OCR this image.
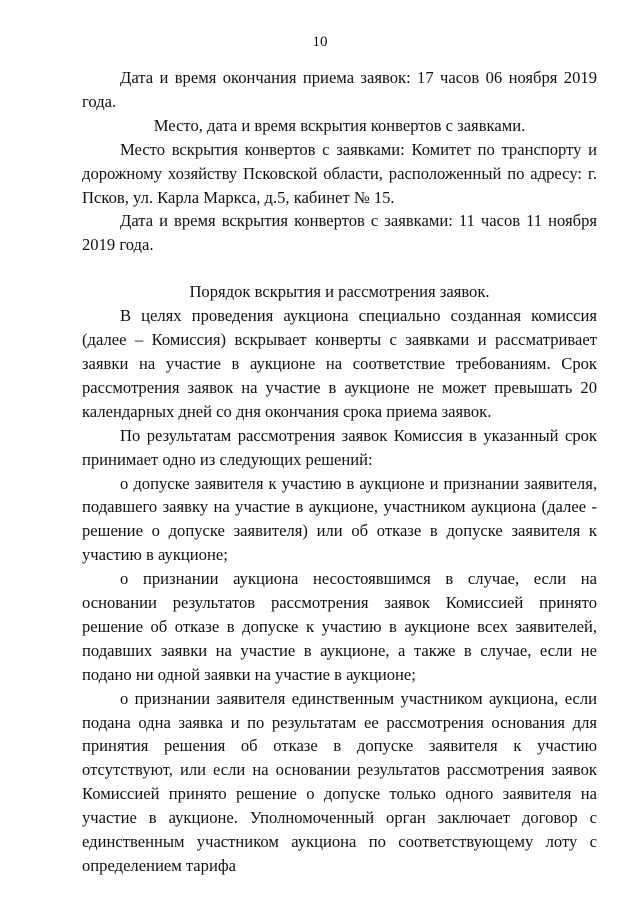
10

Дата и время окончания приема заявок: 17 часов 06 ноября 2019 года.

Место, дата и время вскрытия конвертов с заявками.

Место вскрытия конвертов с заявками: Комитет по транспорту и дорожному хозяйству Псковской области, расположенный по адресу: г. Псков, ул. Карла Маркса, д.5, кабинет № 15.

Дата и время вскрытия конвертов с заявками: 11 часов 11 ноября 2019 года.

Порядок вскрытия и рассмотрения заявок.

В целях проведения аукциона специально созданная комиссия (далее – Комиссия) вскрывает конверты с заявками и рассматривает заявки на участие в аукционе на соответствие требованиям. Срок рассмотрения заявок на участие в аукционе не может превышать 20 календарных дней со дня окончания срока приема заявок.

По результатам рассмотрения заявок Комиссия в указанный срок принимает одно из следующих решений:

о допуске заявителя к участию в аукционе и признании заявителя, подавшего заявку на участие в аукционе, участником аукциона (далее - решение о допуске заявителя) или об отказе в допуске заявителя к участию в аукционе;

о признании аукциона несостоявшимся в случае, если на основании результатов рассмотрения заявок Комиссией принято решение об отказе в допуске к участию в аукционе всех заявителей, подавших заявки на участие в аукционе, а также в случае, если не подано ни одной заявки на участие в аукционе;

о признании заявителя единственным участником аукциона, если подана одна заявка и по результатам ее рассмотрения основания для принятия решения об отказе в допуске заявителя к участию отсутствуют, или если на основании результатов рассмотрения заявок Комиссией принято решение о допуске только одного заявителя на участие в аукционе. Уполномоченный орган заключает договор с единственным участником аукциона по соответствующему лоту с определением тарифа
